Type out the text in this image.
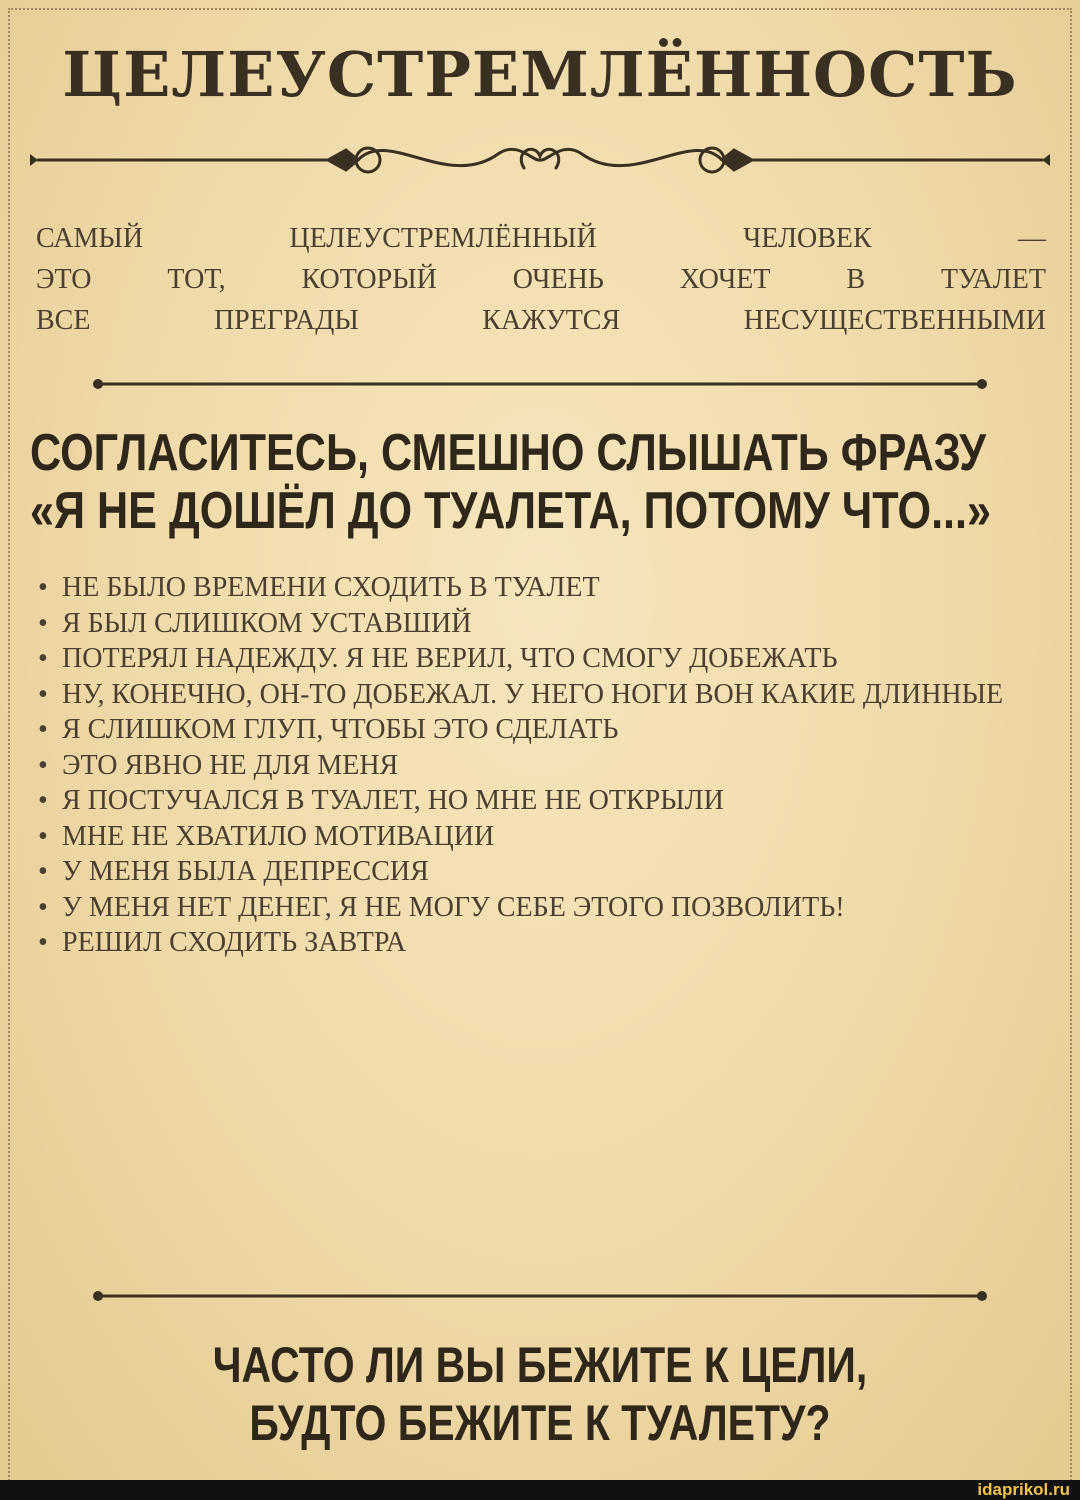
ЦЕЛЕУСТРЕМЛЁННОСТЬ
САМЫЙ ЦЕЛЕУСТРЕМЛЁННЫЙ ЧЕЛОВЕК —
ЭТО ТОТ, КОТОРЫЙ ОЧЕНЬ ХОЧЕТ В ТУАЛЕТ
ВСЕ ПРЕГРАДЫ КАЖУТСЯ НЕСУЩЕСТВЕННЫМИ
СОГЛАСИТЕСЬ, СМЕШНО СЛЫШАТЬ ФРАЗУ
«Я НЕ ДОШЁЛ ДО ТУАЛЕТА, ПОТОМУ ЧТО...»
• НЕ БЫЛО ВРЕМЕНИ СХОДИТЬ В ТУАЛЕТ
• Я БЫЛ СЛИШКОМ УСТАВШИЙ
• ПОТЕРЯЛ НАДЕЖДУ. Я НЕ ВЕРИЛ, ЧТО СМОГУ ДОБЕЖАТЬ
• НУ, КОНЕЧНО, ОН-ТО ДОБЕЖАЛ. У НЕГО НОГИ ВОН КАКИЕ ДЛИННЫЕ
• Я СЛИШКОМ ГЛУП, ЧТОБЫ ЭТО СДЕЛАТЬ
• ЭТО ЯВНО НЕ ДЛЯ МЕНЯ
• Я ПОСТУЧАЛСЯ В ТУАЛЕТ, НО МНЕ НЕ ОТКРЫЛИ
• МНЕ НЕ ХВАТИЛО МОТИВАЦИИ
• У МЕНЯ БЫЛА ДЕПРЕССИЯ
• У МЕНЯ НЕТ ДЕНЕГ, Я НЕ МОГУ СЕБЕ ЭТОГО ПОЗВОЛИТЬ!
• РЕШИЛ СХОДИТЬ ЗАВТРА
ЧАСТО ЛИ ВЫ БЕЖИТЕ К ЦЕЛИ,
БУДТО БЕЖИТЕ К ТУАЛЕТУ?
idaprikol.ru
